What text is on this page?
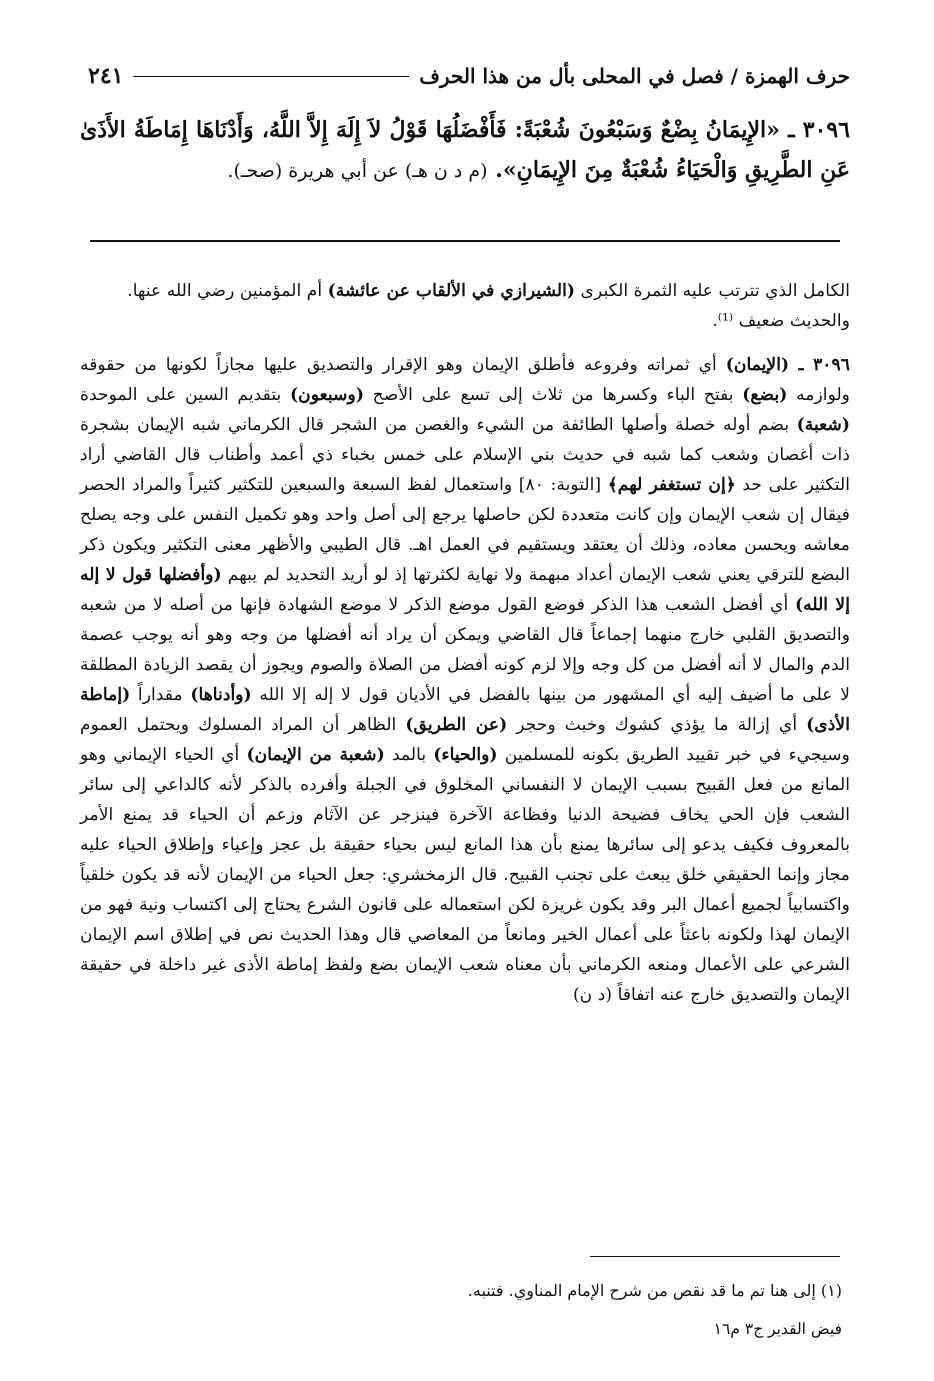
حرف الهمزة / فصل في المحلى بأل من هذا الحرف
٢٤١
٣٠٩٦ ـ «الإِيمَانُ بِضْعٌ وَسَبْعُونَ شُعْبَةً: فَأَفْضَلُهَا قَوْلُ لاَ إِلَهَ إِلاَّ اللَّهُ، وَأَدْنَاهَا إِمَاطَةُ الأَذَىٰ عَنِ الطَّرِيقِ وَالْحَيَاءُ شُعْبَةٌ مِنَ الإِيمَانِ». (م د ن هـ) عن أبي هريرة (صحـ).

الكامل الذي تترتب عليه الثمرة الكبرى (الشيرازي في الألقاب عن عائشة) أم المؤمنين رضي الله عنها.
والحديث ضعيف ⁽¹⁾.

٣٠٩٦ ـ (الإيمان) أي ثمراته وفروعه فأطلق الإيمان وهو الإقرار والتصديق عليها مجازاً لكونها من حقوقه ولوازمه (بضع) بفتح الباء وكسرها من ثلاث إلى تسع على الأصح (وسبعون) بتقديم السين على الموحدة (شعبة) بضم أوله خصلة وأصلها الطائفة من الشيء والغصن من الشجر قال الكرماني شبه الإيمان بشجرة ذات أغصان وشعب كما شبه في حديث بني الإسلام على خمس بخباء ذي أعمد وأطناب قال القاضي أراد التكثير على حد ﴿إن تستغفر لهم﴾ [التوبة: ٨٠] واستعمال لفظ السبعة والسبعين للتكثير كثيراً والمراد الحصر فيقال إن شعب الإيمان وإن كانت متعددة لكن حاصلها يرجع إلى أصل واحد وهو تكميل النفس على وجه يصلح معاشه ويحسن معاده، وذلك أن يعتقد ويستقيم في العمل اهـ. قال الطيبي والأظهر معنى التكثير ويكون ذكر البضع للترقي يعني شعب الإيمان أعداد مبهمة ولا نهاية لكثرتها إذ لو أريد التحديد لم يبهم (وأفضلها قول لا إله إلا الله) أي أفضل الشعب هذا الذكر فوضع القول موضع الذكر لا موضع الشهادة فإنها من أصله لا من شعبه والتصديق القلبي خارج منهما إجماعاً قال القاضي ويمكن أن يراد أنه أفضلها من وجه وهو أنه يوجب عصمة الدم والمال لا أنه أفضل من كل وجه وإلا لزم كونه أفضل من الصلاة والصوم ويجوز أن يقصد الزيادة المطلقة لا على ما أضيف إليه أي المشهور من بينها بالفضل في الأديان قول لا إله إلا الله (وأدناها) مقداراً (إماطة الأذى) أي إزالة ما يؤذي كشوك وخبث وحجر (عن الطريق) الظاهر أن المراد المسلوك ويحتمل العموم وسيجيء في خبر تقييد الطريق بكونه للمسلمين (والحياء) بالمد (شعبة من الإيمان) أي الحياء الإيماني وهو المانع من فعل القبيح بسبب الإيمان لا النفساني المخلوق في الجبلة وأفرده بالذكر لأنه كالداعي إلى سائر الشعب فإن الحي يخاف فضيحة الدنيا وفظاعة الآخرة فينزجر عن الآثام وزعم أن الحياء قد يمنع الأمر بالمعروف فكيف يدعو إلى سائرها يمنع بأن هذا المانع ليس بحياء حقيقة بل عجز وإعياء وإطلاق الحياء عليه مجاز وإنما الحقيقي خلق يبعث على تجنب القبيح. قال الزمخشري: جعل الحياء من الإيمان لأنه قد يكون خلقياً واكتسابياً لجميع أعمال البر وقد يكون غريزة لكن استعماله على قانون الشرع يحتاج إلى اكتساب ونية فهو من الإيمان لهذا ولكونه باعثاً على أعمال الخير ومانعاً من المعاصي قال وهذا الحديث نص في إطلاق اسم الإيمان الشرعي على الأعمال ومنعه الكرماني بأن معناه شعب الإيمان بضع ولفظ إماطة الأذى غير داخلة في حقيقة الإيمان والتصديق خارج عنه اتفاقاً (د ن)

(١) إلى هنا تم ما قد نقص من شرح الإمام المناوي. فتنبه.
فيض القدير ج٣ م١٦
